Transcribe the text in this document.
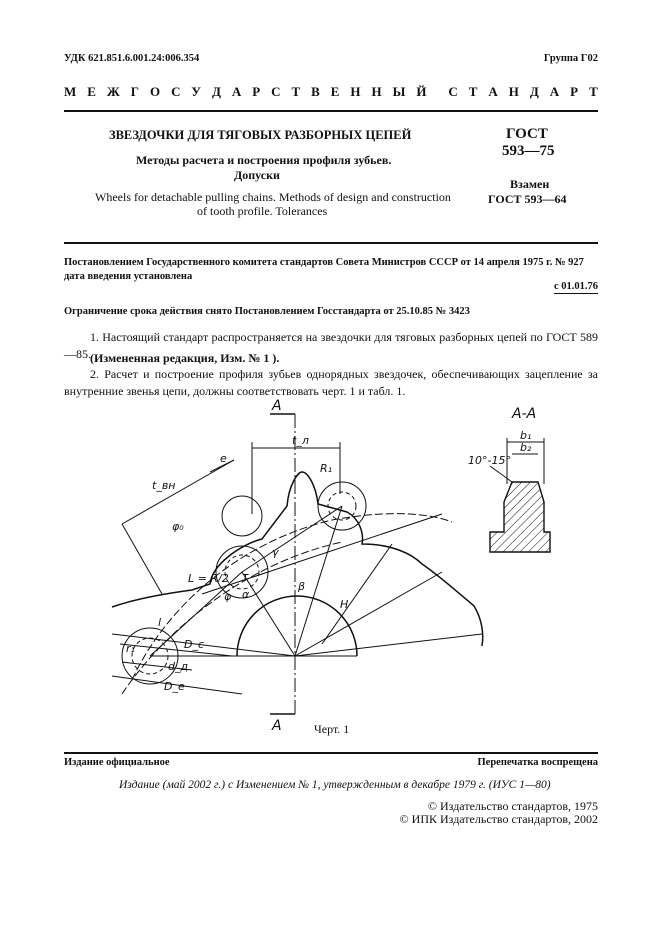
УДК 621.851.6.001.24:006.354	Группа Г02

М Е Ж Г О С У Д А Р С Т В Е Н Н Ы Й С Т А Н Д А Р Т

ЗВЕЗДОЧКИ ДЛЯ ТЯГОВЫХ РАЗБОРНЫХ ЦЕПЕЙ

Методы расчета и построения профиля зубьев.

Допуски

Wheels for detachable pulling chains. Methods of design and construction

of tooth profile. Tolerances

ГОСТ

593—75

Взамен

ГОСТ 593—64

Постановлением Государственного комитета стандартов Совета Министров СССР от 14 апреля 1975 г. № 927

дата введения установлена

с 01.01.76

Ограничение срока действия снято Постановлением Госстандарта от 25.10.85 № 3423

1. Настоящий стандарт распространяется на звездочки для тяговых разборных цепей по ГОСТ 589—85. (Измененная редакция, Изм. № 1 ).

2. Расчет и построение профиля зубьев однорядных звездочек, обеспечивающих зацепление за внутренние звенья цепи, должны соответствовать черт. 1 и табл. 1.

А
А
А-А
b₁
b₂
10°-15°
t_л
t_вн
e
R₁
φ₀
γ
L = R/2 τ
φ α
β
H
l
r₁	D_c
d_д
D_e

Черт. 1

Издание официальное	Перепечатка воспрещена

Издание (май 2002 г.) с Изменением № 1, утвержденным в декабре 1979 г. (ИУС 1—80)

© Издательство стандартов, 1975

© ИПК Издательство стандартов, 2002
